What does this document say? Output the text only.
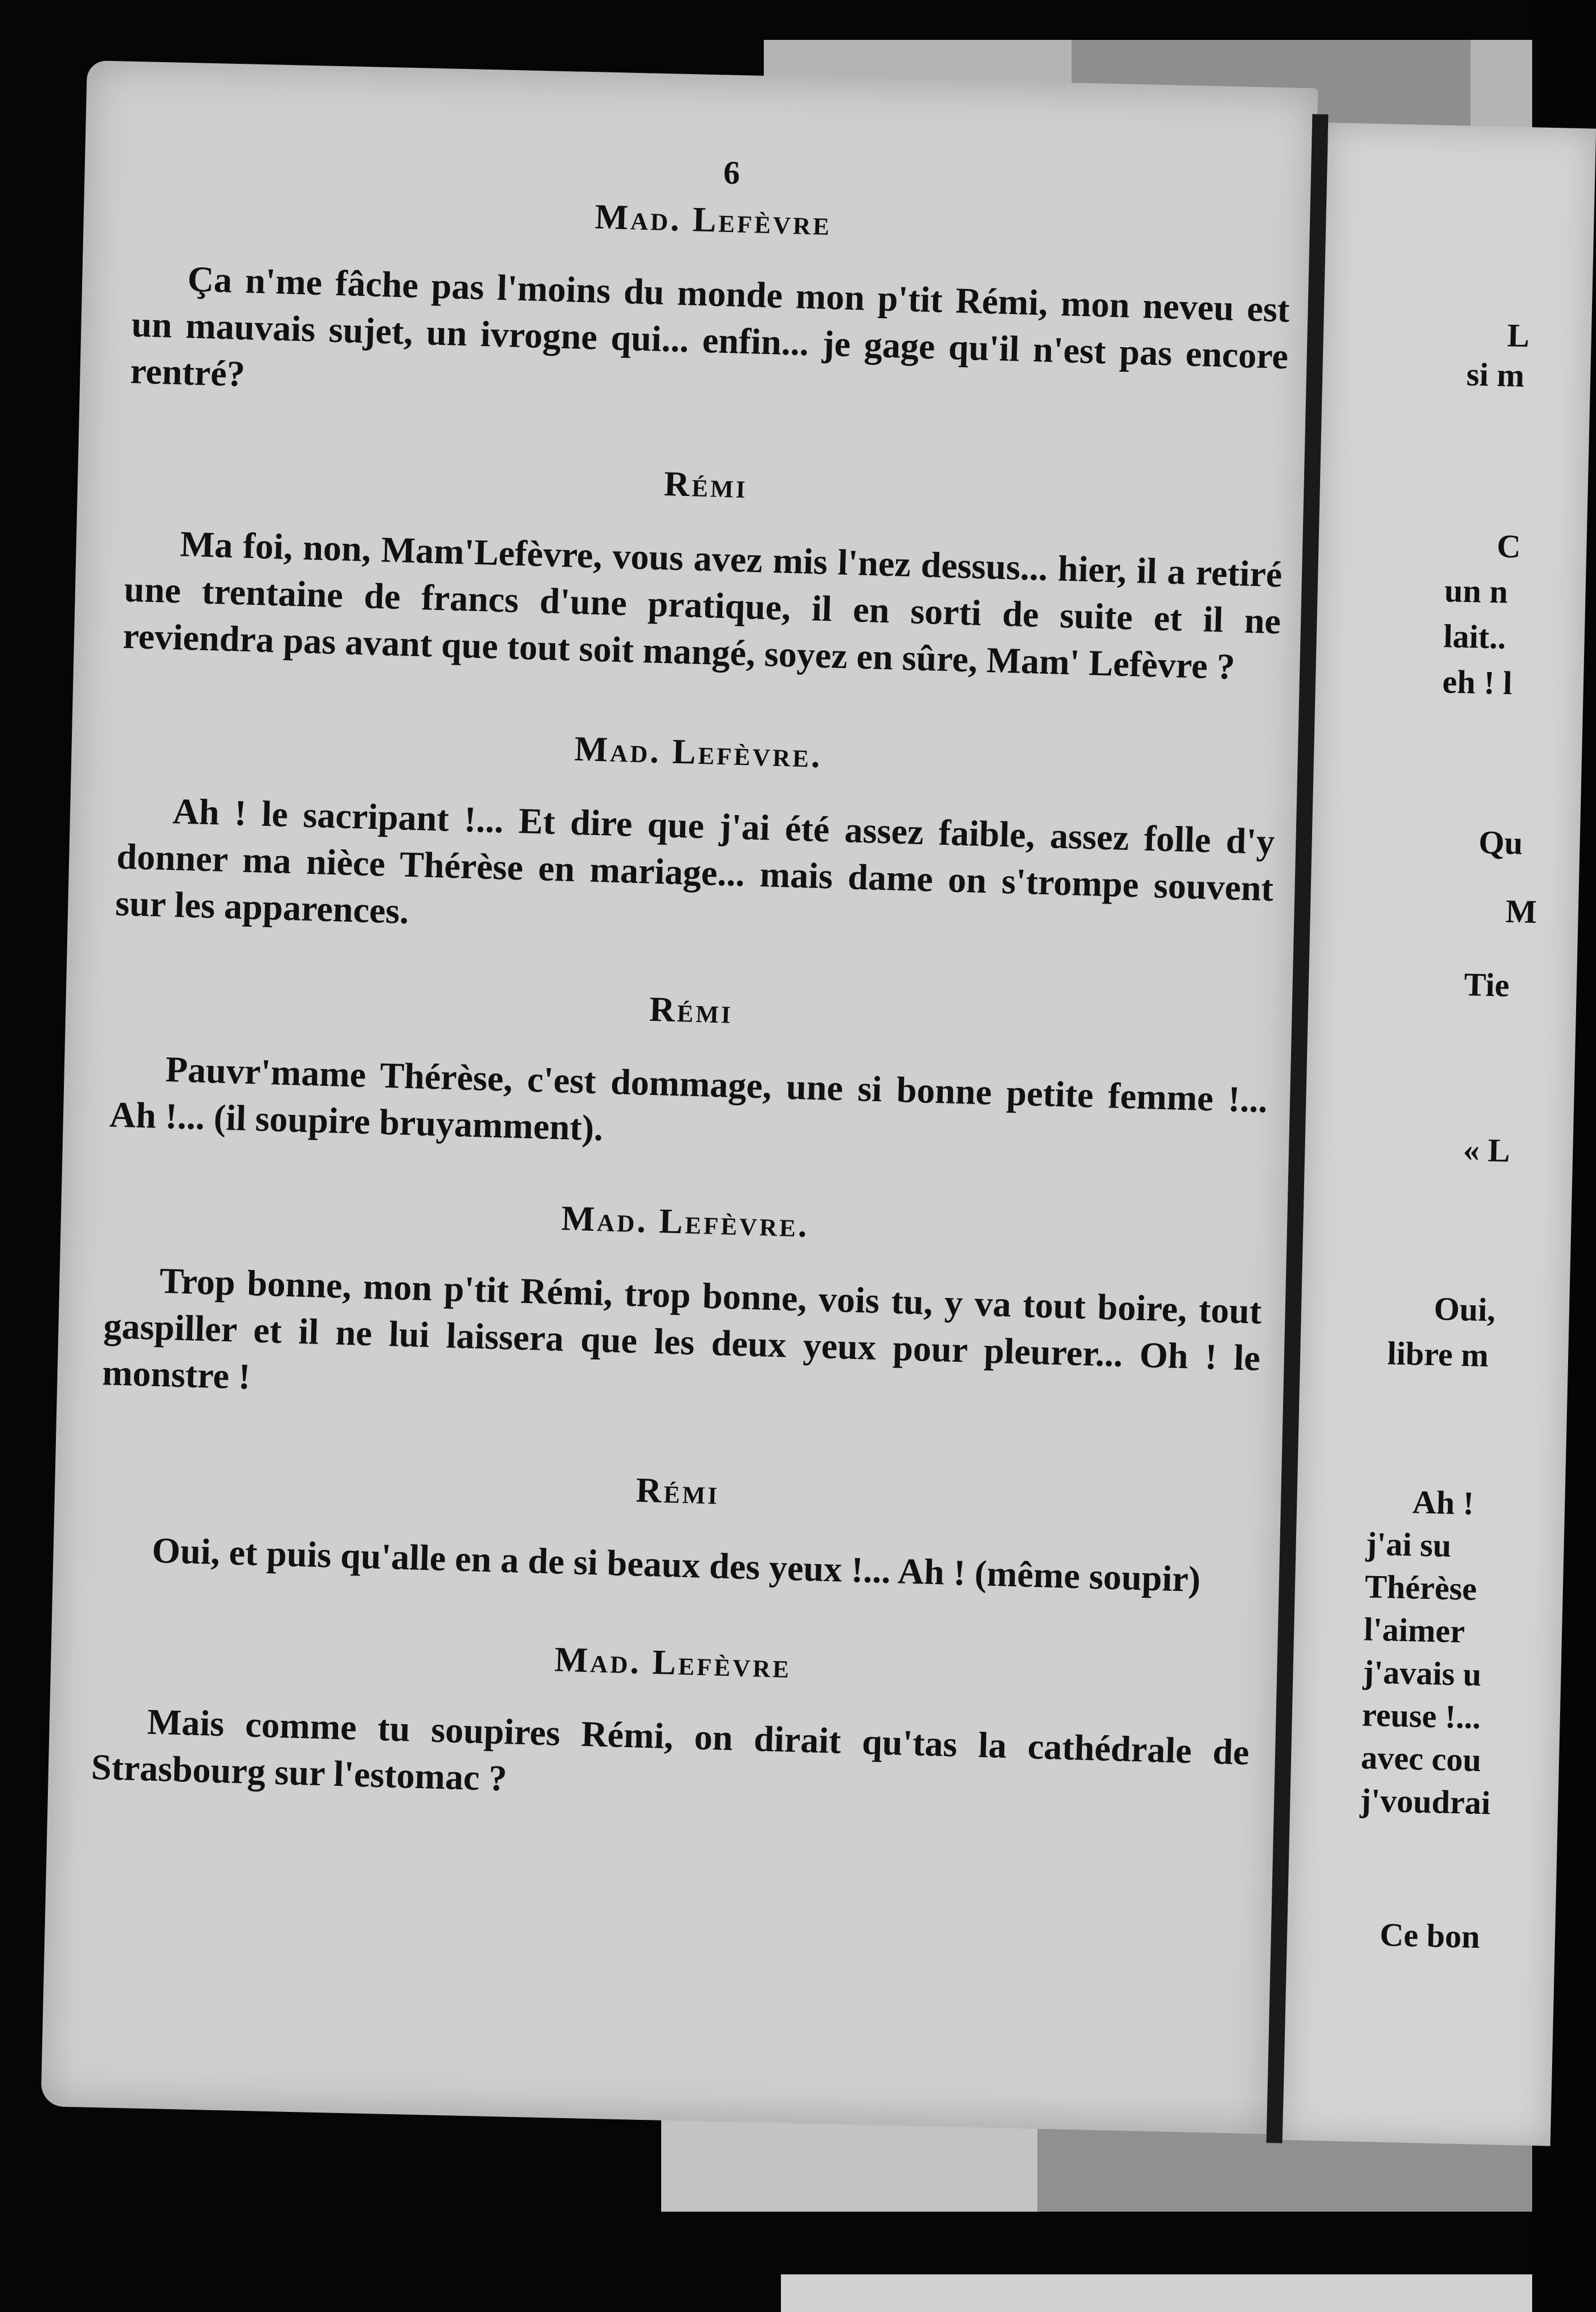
6
Mad. Lefèvre

Ça n'me fâche pas l'moins du monde mon p'tit Rémi, mon neveu est un mauvais sujet, un ivrogne qui... enfin... je gage qu'il n'est pas encore rentré?

Rémi

Ma foi, non, Mam'Lefèvre, vous avez mis l'nez dessus... hier, il a retiré une trentaine de francs d'une pratique, il en sorti de suite et il ne reviendra pas avant que tout soit mangé, soyez en sûre, Mam' Lefèvre ?

Mad. Lefèvre.

Ah ! le sacripant !... Et dire que j'ai été assez faible, assez folle d'y donner ma nièce Thérèse en mariage... mais dame on s'trompe souvent sur les apparences.

Rémi

Pauvr'mame Thérèse, c'est dommage, une si bonne petite femme !... Ah !... (il soupire bruyamment).

Mad. Lefèvre.

Trop bonne, mon p'tit Rémi, trop bonne, vois tu, y va tout boire, tout gaspiller et il ne lui laissera que les deux yeux pour pleurer... Oh ! le monstre !

Rémi

Oui, et puis qu'alle en a de si beaux des yeux !... Ah ! (même soupir)

Mad. Lefèvre

Mais comme tu soupires Rémi, on dirait qu'tas la cathédrale de Strasbourg sur l'estomac ?

L
si m
C
un n
lait..
eh ! l
Qu
M
Tie
« L
Oui,
libre m
Ah !
j'ai su
Thérèse
l'aimer
j'avais u
reuse !...
avec cou
j'voudrai
Ce bon
